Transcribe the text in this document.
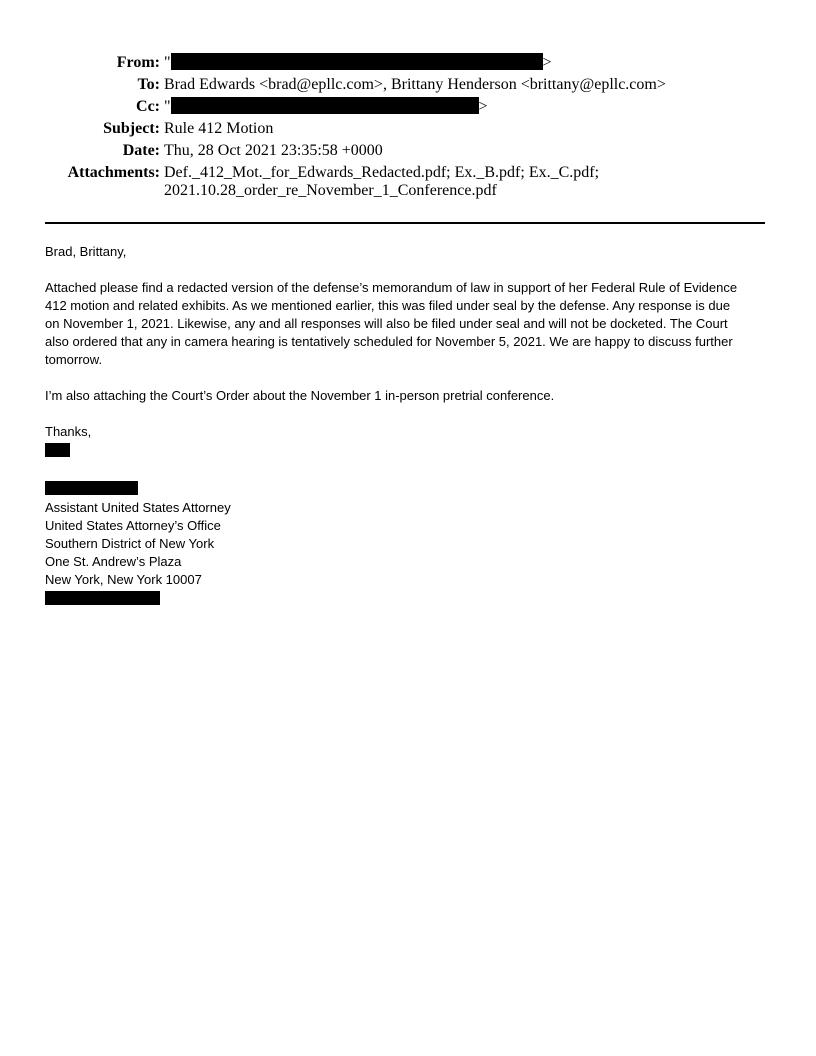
From: "	>
To: Brad Edwards <brad@epllc.com>, Brittany Henderson <brittany@epllc.com>
Cc: "	>
Subject: Rule 412 Motion
Date: Thu, 28 Oct 2021 23:35:58 +0000
Attachments: Def._412_Mot._for_Edwards_Redacted.pdf; Ex._B.pdf; Ex._C.pdf;
2021.10.28_order_re_November_1_Conference.pdf

Brad, Brittany,

Attached please find a redacted version of the defense’s memorandum of law in support of her Federal Rule of Evidence

412 motion and related exhibits. As we mentioned earlier, this was filed under seal by the defense. Any response is due

on November 1, 2021. Likewise, any and all responses will also be filed under seal and will not be docketed. The Court

also ordered that any in camera hearing is tentatively scheduled for November 5, 2021. We are happy to discuss further

tomorrow.

I’m also attaching the Court’s Order about the November 1 in-person pretrial conference.

Thanks,

Assistant United States Attorney
United States Attorney’s Office
Southern District of New York
One St. Andrew’s Plaza
New York, New York 10007
